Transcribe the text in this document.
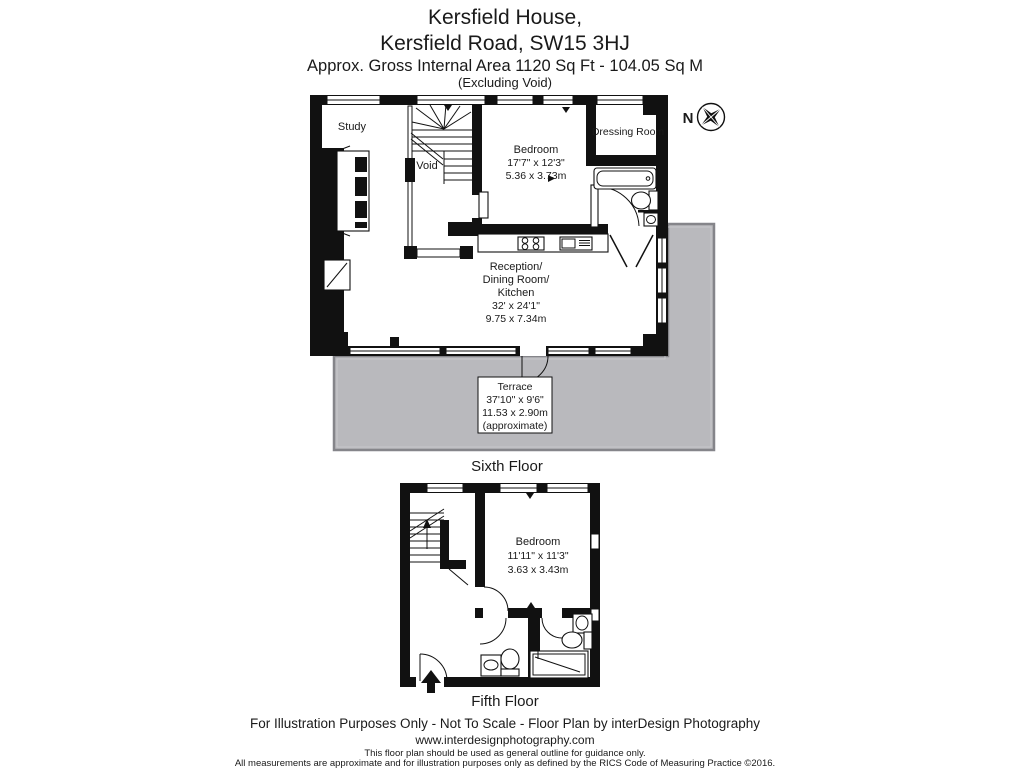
Kersfield House,
Kersfield Road, SW15 3HJ
Approx. Gross Internal Area 1120 Sq Ft - 104.05 Sq M
(Excluding Void)
Terrace
37'10" x 9'6"
11.53 x 2.90m
(approximate)
Study
Void
Bedroom
17'7" x 12'3"
5.36 x 3.73m
Dressing Room
Reception/
Dining Room/
Kitchen
32' x 24'1"
9.75 x 7.34m
Sixth Floor
N
Bedroom
11'11" x 11'3"
3.63 x 3.43m
Fifth Floor
For Illustration Purposes Only - Not To Scale - Floor Plan by interDesign Photography
www.interdesignphotography.com
This floor plan should be used as general outline for guidance only.
All measurements are approximate and for illustration purposes only as defined by the RICS Code of Measuring Practice ©2016.
